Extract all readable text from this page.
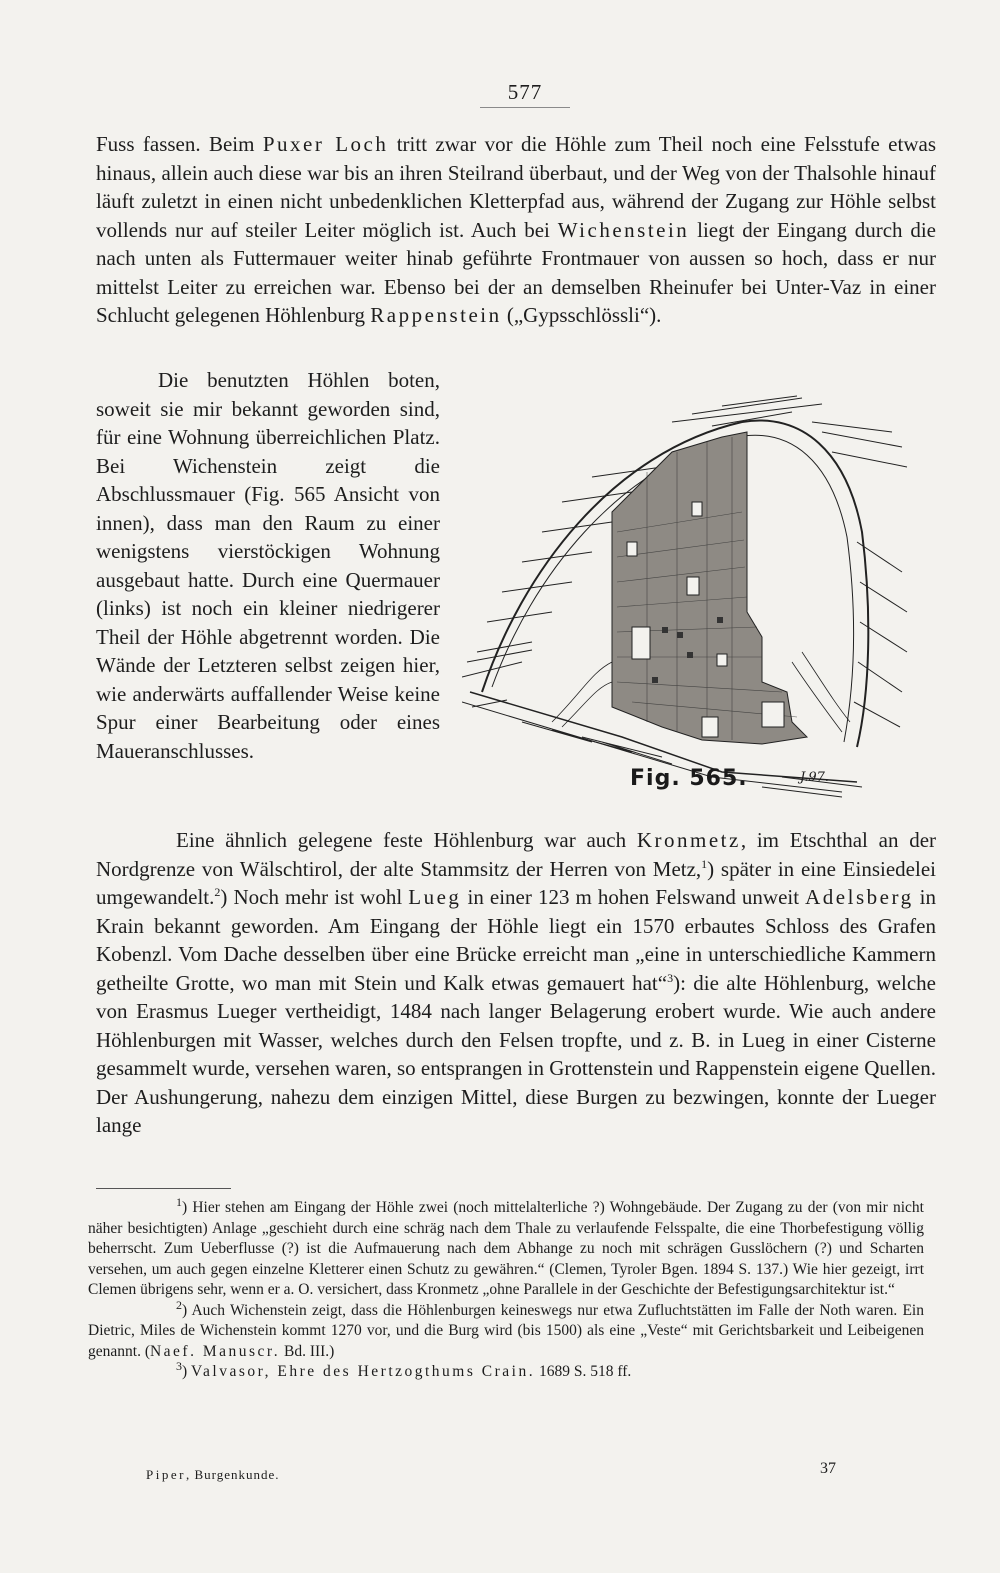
577

Fuss fassen. Beim Puxer Loch tritt zwar vor die Höhle zum Theil noch eine Felsstufe etwas hinaus, allein auch diese war bis an ihren Steilrand überbaut, und der Weg von der Thalsohle hinauf läuft zuletzt in einen nicht unbedenklichen Kletterpfad aus, während der Zugang zur Höhle selbst vollends nur auf steiler Leiter möglich ist. Auch bei Wichenstein liegt der Eingang durch die nach unten als Futtermauer weiter hinab geführte Frontmauer von aussen so hoch, dass er nur mittelst Leiter zu erreichen war. Ebenso bei der an demselben Rheinufer bei Unter-Vaz in einer Schlucht gelegenen Höhlenburg Rappenstein („Gypsschlössli“).

Die benutzten Höhlen boten, soweit sie mir bekannt geworden sind, für eine Wohnung überreichlichen Platz. Bei Wichenstein zeigt die Abschlussmauer (Fig. 565 Ansicht von innen), dass man den Raum zu einer wenigstens vierstöckigen Wohnung ausgebaut hatte. Durch eine Quermauer (links) ist noch ein kleiner niedrigerer Theil der Höhle abgetrennt worden. Die Wände der Letzteren selbst zeigen hier, wie anderwärts auffallender Weise keine Spur einer Bearbeitung oder eines Maueranschlusses.

Fig. 565.	J.97.

Eine ähnlich gelegene feste Höhlenburg war auch Kronmetz, im Etschthal an der Nordgrenze von Wälschtirol, der alte Stammsitz der Herren von Metz,$^1$) später in eine Einsiedelei umgewandelt.$^2$) Noch mehr ist wohl Lueg in einer 123 m hohen Felswand unweit Adelsberg in Krain bekannt geworden. Am Eingang der Höhle liegt ein 1570 erbautes Schloss des Grafen Kobenzl. Vom Dache desselben über eine Brücke erreicht man „eine in unterschiedliche Kammern getheilte Grotte, wo man mit Stein und Kalk etwas gemauert hat“$^3$): die alte Höhlenburg, welche von Erasmus Lueger vertheidigt, 1484 nach langer Belagerung erobert wurde. Wie auch andere Höhlenburgen mit Wasser, welches durch den Felsen tropfte, und z. B. in Lueg in einer Cisterne gesammelt wurde, versehen waren, so entsprangen in Grottenstein und Rappenstein eigene Quellen. Der Aushungerung, nahezu dem einzigen Mittel, diese Burgen zu bezwingen, konnte der Lueger lange

$^1$) Hier stehen am Eingang der Höhle zwei (noch mittelalterliche ?) Wohngebäude. Der Zugang zu der (von mir nicht näher besichtigten) Anlage „geschieht durch eine schräg nach dem Thale zu verlaufende Felsspalte, die eine Thorbefestigung völlig beherrscht. Zum Ueberflusse (?) ist die Aufmauerung nach dem Abhange zu noch mit schrägen Gusslöchern (?) und Scharten versehen, um auch gegen einzelne Kletterer einen Schutz zu gewähren.“ (Clemen, Tyroler Bgen. 1894 S. 137.) Wie hier gezeigt, irrt Clemen übrigens sehr, wenn er a. O. versichert, dass Kronmetz „ohne Parallele in der Geschichte der Befestigungsarchitektur ist.“

$^2$) Auch Wichenstein zeigt, dass die Höhlenburgen keineswegs nur etwa Zufluchtstätten im Falle der Noth waren. Ein Dietric, Miles de Wichenstein kommt 1270 vor, und die Burg wird (bis 1500) als eine „Veste“ mit Gerichtsbarkeit und Leibeigenen genannt. (Naef. Manuscr. Bd. III.)

$^3$) Valvasor, Ehre des Hertzogthums Crain. 1689 S. 518 ff.

Piper, Burgenkunde.	37
